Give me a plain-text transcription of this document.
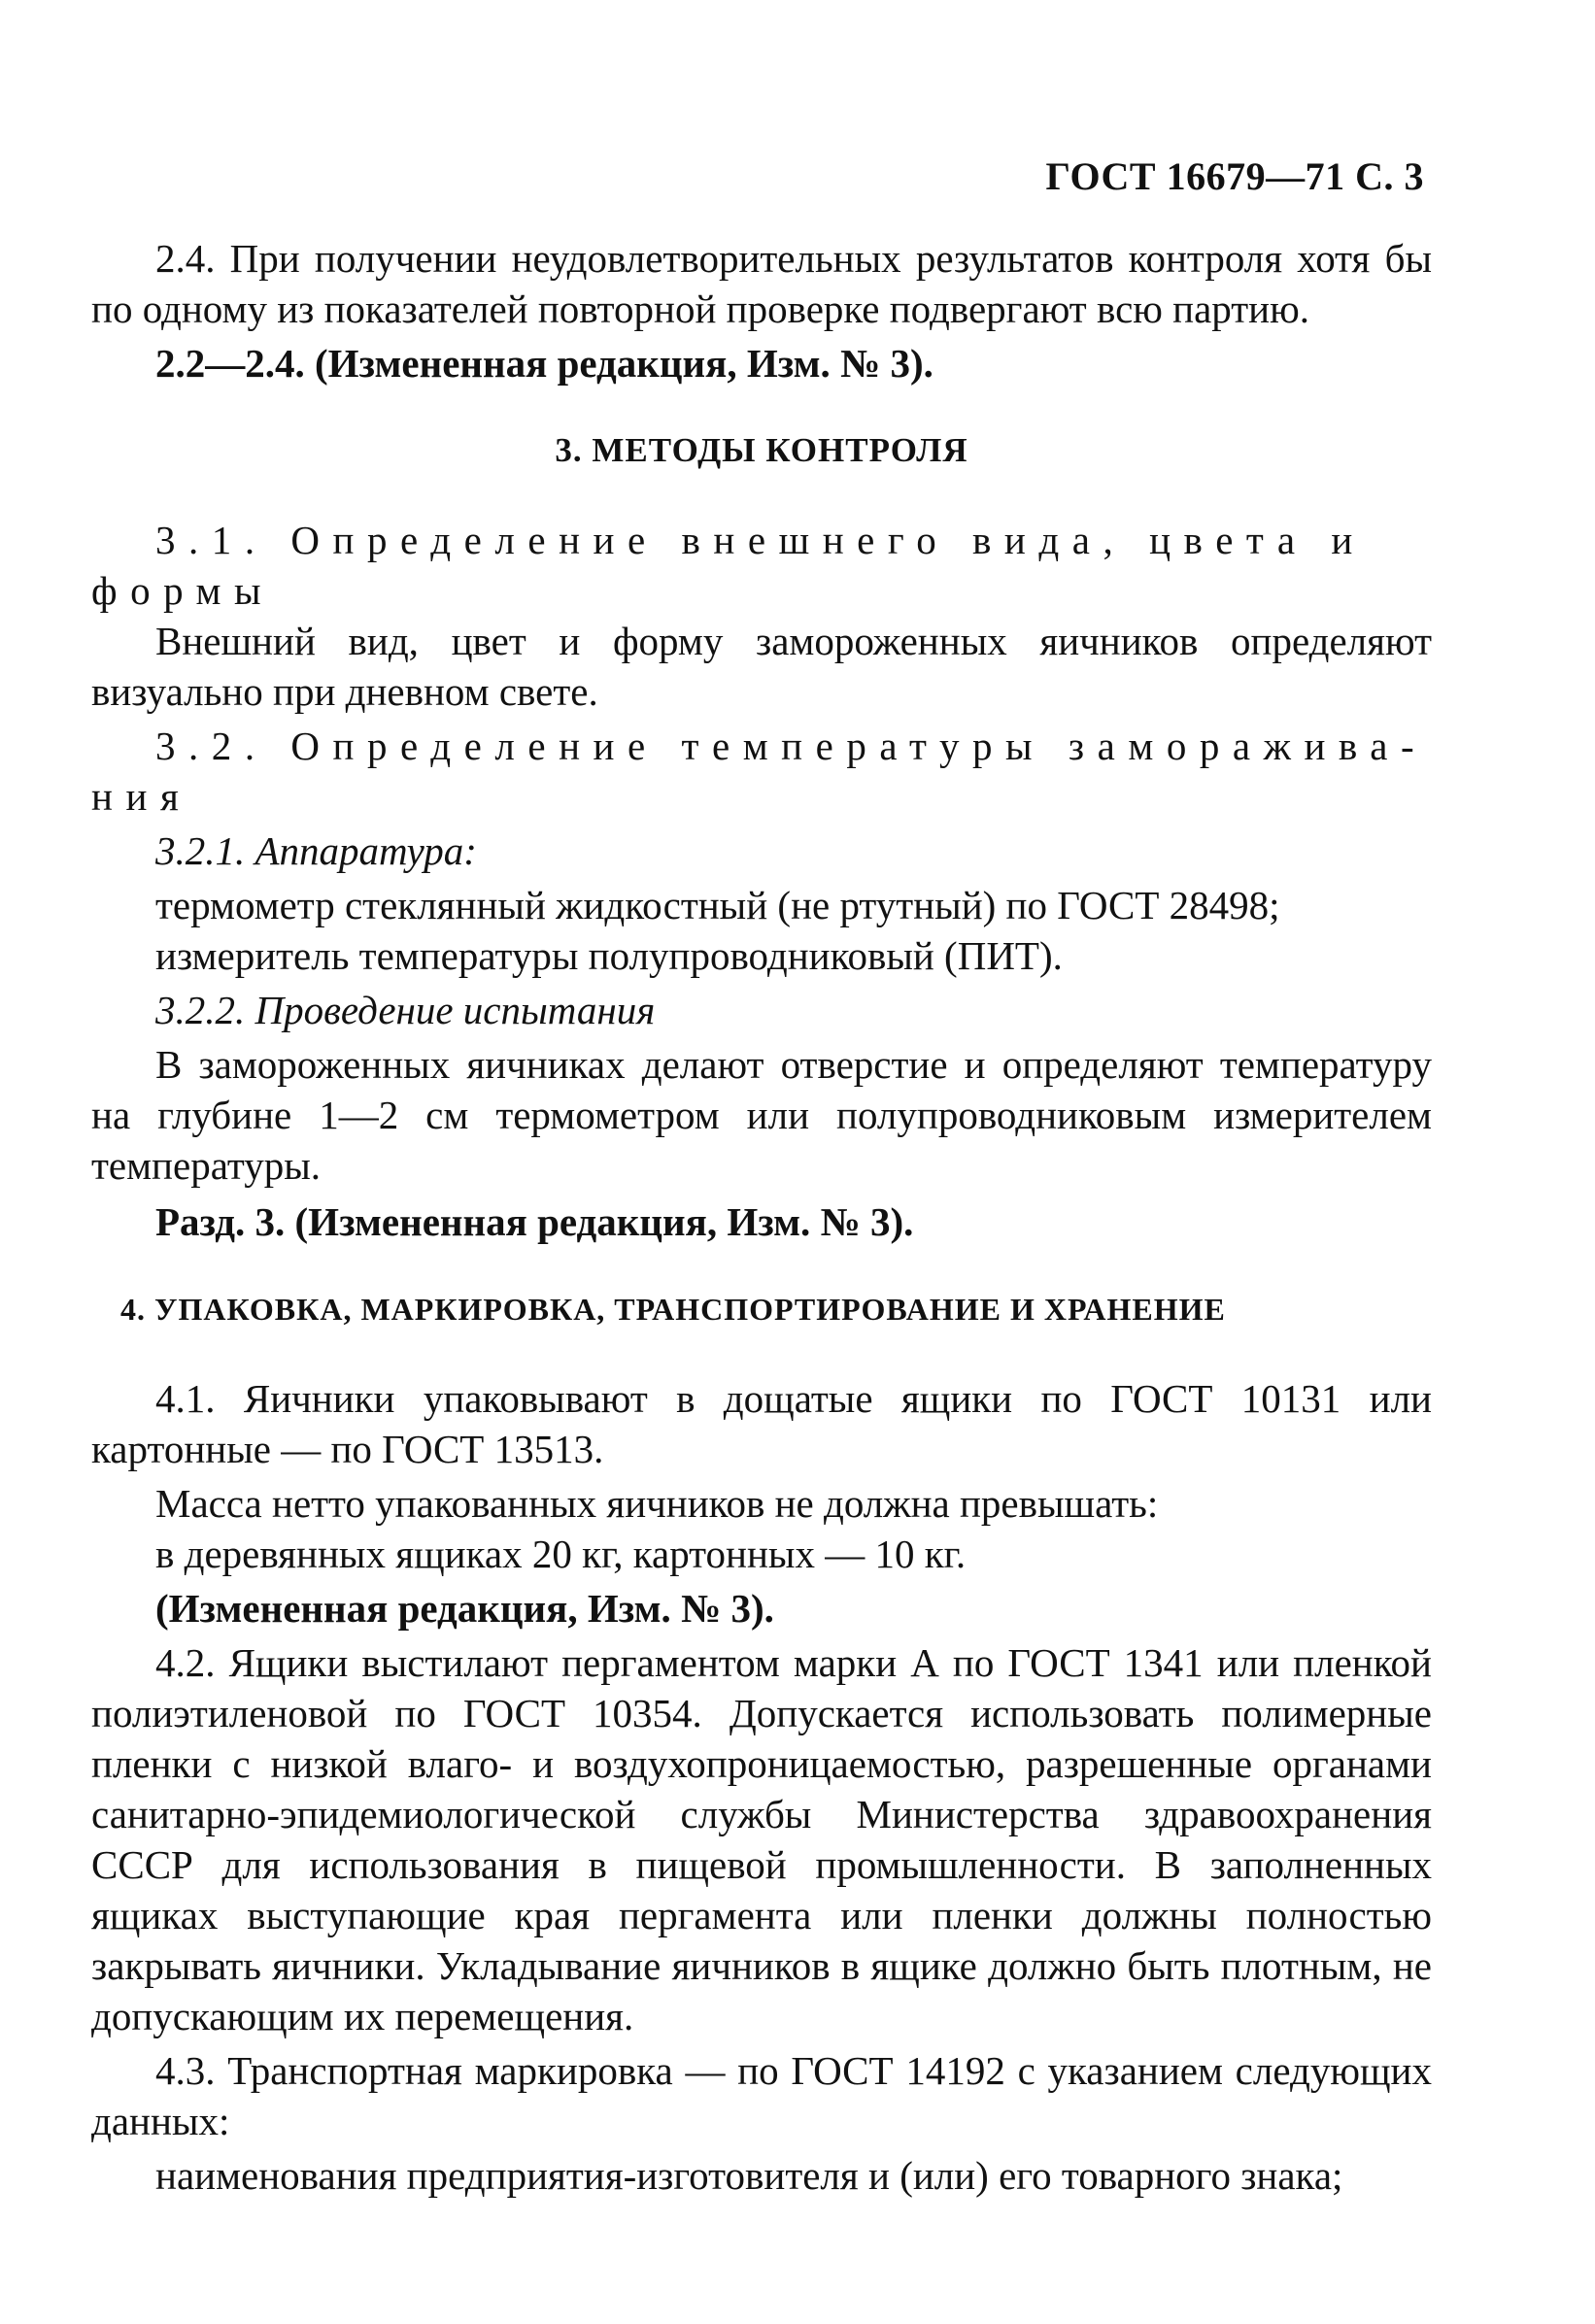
ГОСТ 16679—71 С. 3

2.4. При получении неудовлетворительных результатов контроля хотя бы по одному из показателей повторной проверке подвергают всю партию.

2.2—2.4. (Измененная редакция, Изм. № 3).

3. МЕТОДЫ КОНТРОЛЯ

3.1. Определение внешнего вида, цвета и формы

Внешний вид, цвет и форму замороженных яичников определяют визуально при дневном свете.

3.2. Определение температуры заморажива-ния

3.2.1. Аппаратура:

термометр стеклянный жидкостный (не ртутный) по ГОСТ 28498;

измеритель температуры полупроводниковый (ПИТ).

3.2.2. Проведение испытания

В замороженных яичниках делают отверстие и определяют температуру на глубине 1—2 см термометром или полупроводниковым измерителем температуры.

Разд. 3. (Измененная редакция, Изм. № 3).

4. УПАКОВКА, МАРКИРОВКА, ТРАНСПОРТИРОВАНИЕ И ХРАНЕНИЕ

4.1. Яичники упаковывают в дощатые ящики по ГОСТ 10131 или картонные — по ГОСТ 13513.

Масса нетто упакованных яичников не должна превышать:

в деревянных ящиках 20 кг, картонных — 10 кг.

(Измененная редакция, Изм. № 3).

4.2. Ящики выстилают пергаментом марки А по ГОСТ 1341 или пленкой полиэтиленовой по ГОСТ 10354. Допускается использовать полимерные пленки с низкой влаго- и воздухопроницаемостью, разрешенные органами санитарно-эпидемиологической службы Министерства здравоохранения СССР для использования в пищевой промышленности. В заполненных ящиках выступающие края пергамента или пленки должны полностью закрывать яичники. Укладывание яичников в ящике должно быть плотным, не допускающим их перемещения.

4.3. Транспортная маркировка — по ГОСТ 14192 с указанием следующих данных:

наименования предприятия-изготовителя и (или) его товарного знака;
